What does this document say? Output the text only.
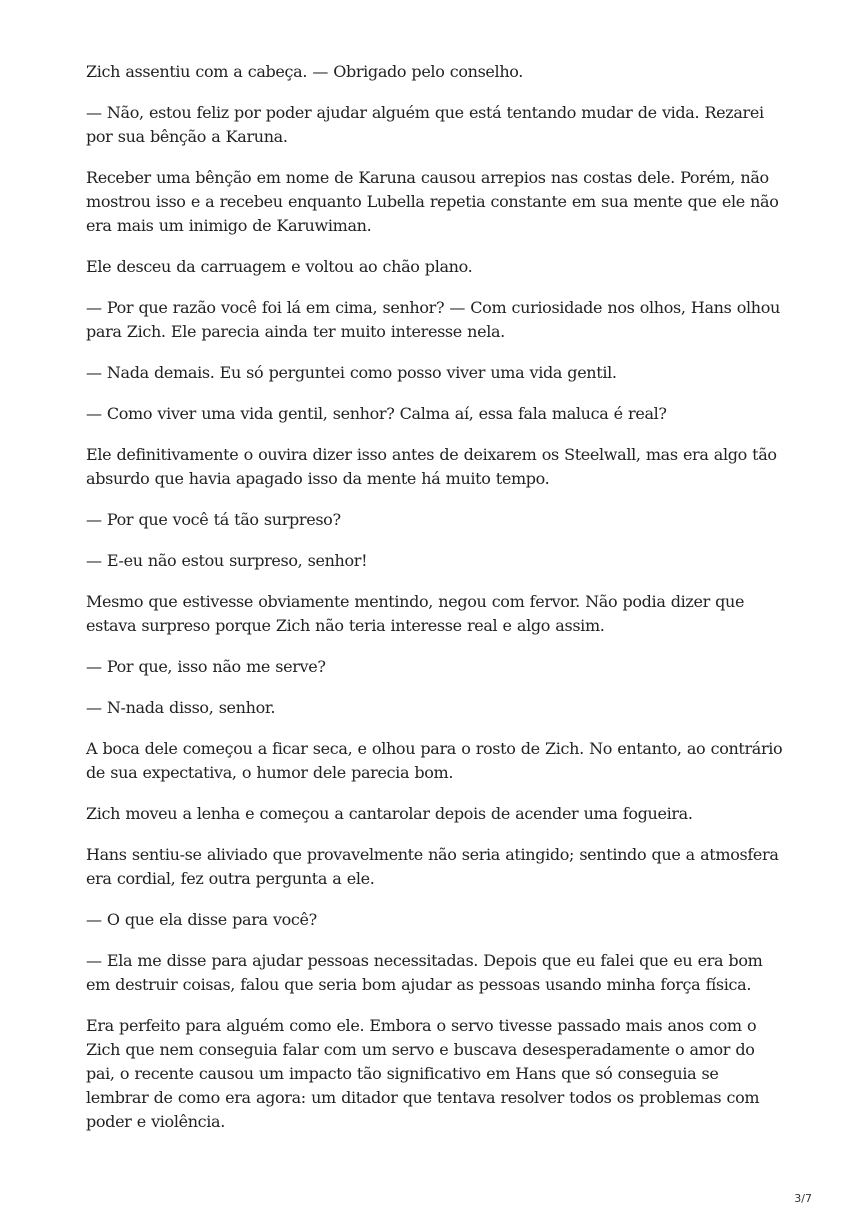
Zich assentiu com a cabeça. — Obrigado pelo conselho.

— Não, estou feliz por poder ajudar alguém que está tentando mudar de vida. Rezarei por sua bênção a Karuna.

Receber uma bênção em nome de Karuna causou arrepios nas costas dele. Porém, não mostrou isso e a recebeu enquanto Lubella repetia constante em sua mente que ele não era mais um inimigo de Karuwiman.

Ele desceu da carruagem e voltou ao chão plano.

— Por que razão você foi lá em cima, senhor? — Com curiosidade nos olhos, Hans olhou para Zich. Ele parecia ainda ter muito interesse nela.

— Nada demais. Eu só perguntei como posso viver uma vida gentil.

— Como viver uma vida gentil, senhor? Calma aí, essa fala maluca é real?

Ele definitivamente o ouvira dizer isso antes de deixarem os Steelwall, mas era algo tão absurdo que havia apagado isso da mente há muito tempo.

— Por que você tá tão surpreso?

— E-eu não estou surpreso, senhor!

Mesmo que estivesse obviamente mentindo, negou com fervor. Não podia dizer que estava surpreso porque Zich não teria interesse real e algo assim.

— Por que, isso não me serve?

— N-nada disso, senhor.

A boca dele começou a ficar seca, e olhou para o rosto de Zich. No entanto, ao contrário de sua expectativa, o humor dele parecia bom.

Zich moveu a lenha e começou a cantarolar depois de acender uma fogueira.

Hans sentiu-se aliviado que provavelmente não seria atingido; sentindo que a atmosfera era cordial, fez outra pergunta a ele.

— O que ela disse para você?

— Ela me disse para ajudar pessoas necessitadas. Depois que eu falei que eu era bom em destruir coisas, falou que seria bom ajudar as pessoas usando minha força física.

Era perfeito para alguém como ele. Embora o servo tivesse passado mais anos com o Zich que nem conseguia falar com um servo e buscava desesperadamente o amor do pai, o recente causou um impacto tão significativo em Hans que só conseguia se lembrar de como era agora: um ditador que tentava resolver todos os problemas com poder e violência.

3/7
